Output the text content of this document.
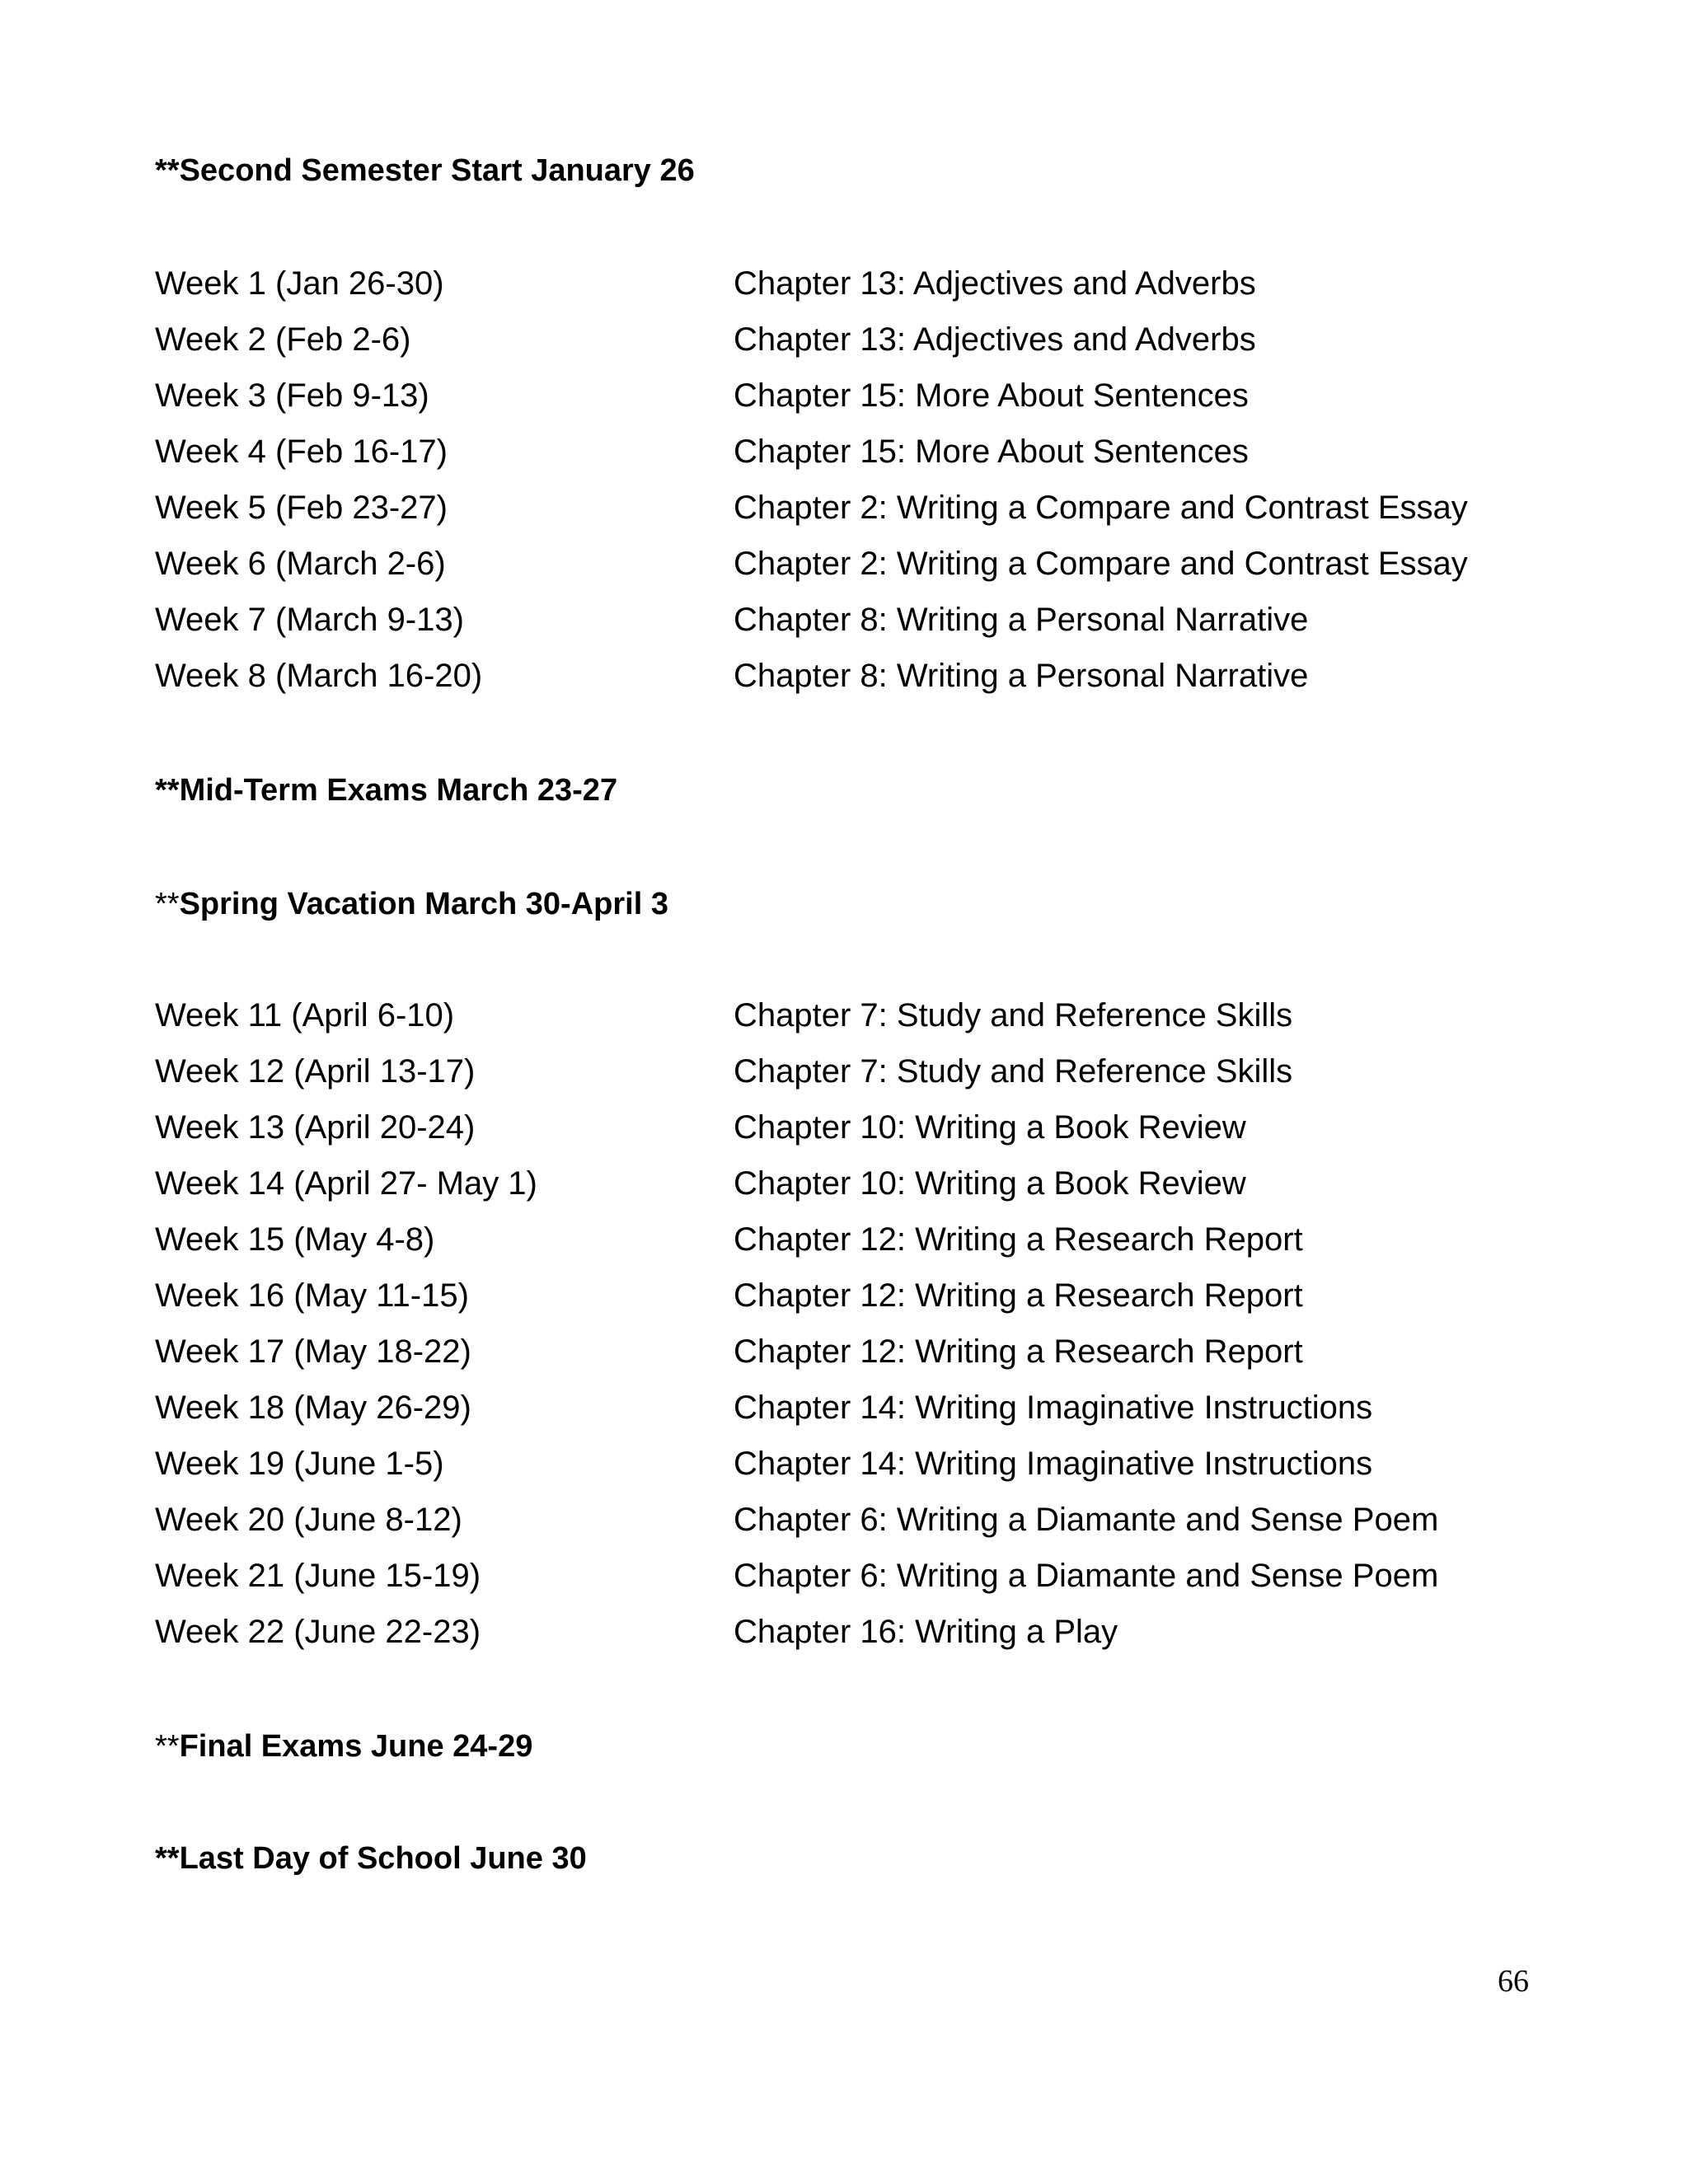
**Second Semester Start January 26
Week 1 (Jan 26-30)	Chapter 13: Adjectives and Adverbs
Week 2 (Feb 2-6)	Chapter 13: Adjectives and Adverbs
Week 3 (Feb 9-13)	Chapter 15: More About Sentences
Week 4 (Feb 16-17)	Chapter 15: More About Sentences
Week 5 (Feb 23-27)	Chapter 2: Writing a Compare and Contrast Essay
Week 6 (March 2-6)	Chapter 2: Writing a Compare and Contrast Essay
Week 7 (March 9-13)	Chapter 8: Writing a Personal Narrative
Week 8 (March 16-20)	Chapter 8: Writing a Personal Narrative
**Mid-Term Exams March 23-27
**Spring Vacation March 30-April 3
Week 11 (April 6-10)	Chapter 7: Study and Reference Skills
Week 12 (April 13-17)	Chapter 7: Study and Reference Skills
Week 13 (April 20-24)	Chapter 10: Writing a Book Review
Week 14 (April 27- May 1)	Chapter 10: Writing a Book Review
Week 15 (May 4-8)	Chapter 12: Writing a Research Report
Week 16 (May 11-15)	Chapter 12: Writing a Research Report
Week 17 (May 18-22)	Chapter 12: Writing a Research Report
Week 18 (May 26-29)	Chapter 14: Writing Imaginative Instructions
Week 19 (June 1-5)	Chapter 14: Writing Imaginative Instructions
Week 20 (June 8-12)	Chapter 6: Writing a Diamante and Sense Poem
Week 21 (June 15-19)	Chapter 6: Writing a Diamante and Sense Poem
Week 22 (June 22-23)	Chapter 16: Writing a Play
**Final Exams June 24-29
**Last Day of School June 30
66
